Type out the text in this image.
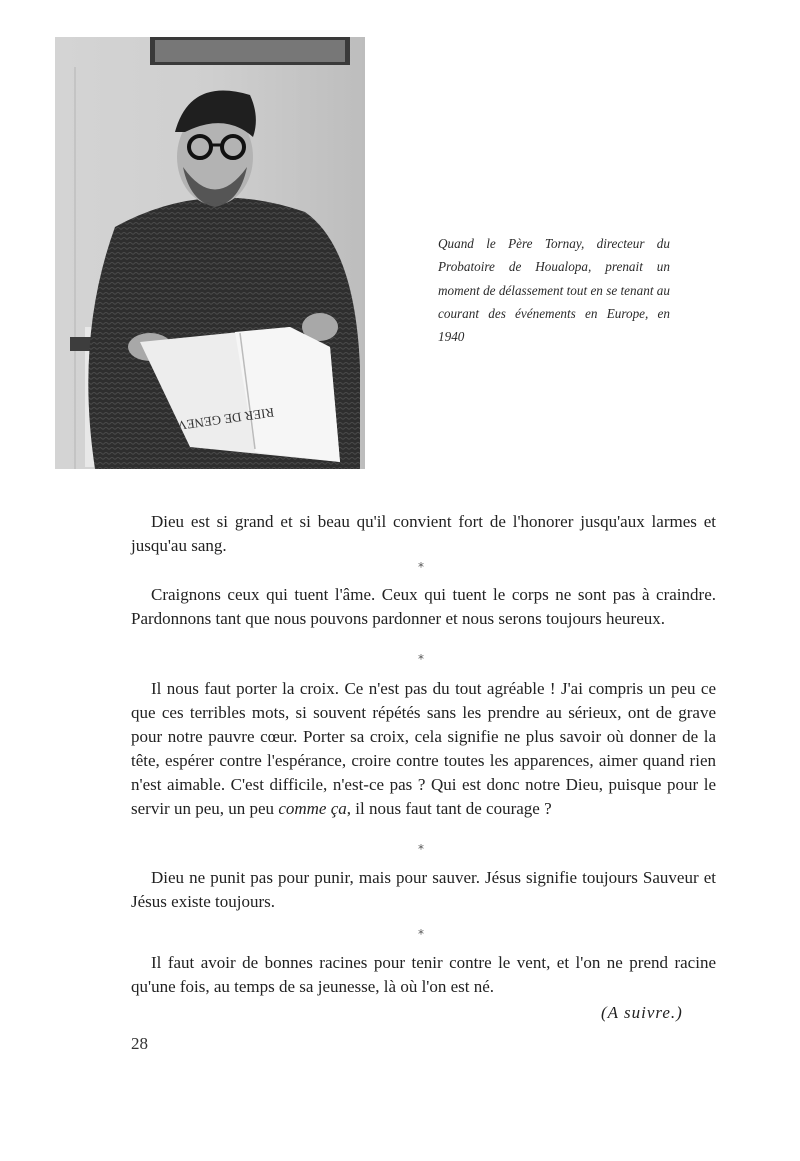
RIER DE GENEVE
Quand le Père Tornay, directeur du Probatoire de Houalopa, prenait un moment de délassement tout en se tenant au courant des événements en Europe, en 1940

Dieu est si grand et si beau qu'il convient fort de l'honorer jusqu'aux larmes et jusqu'au sang.

*

Craignons ceux qui tuent l'âme. Ceux qui tuent le corps ne sont pas à craindre. Pardonnons tant que nous pouvons pardonner et nous serons toujours heureux.

*

Il nous faut porter la croix. Ce n'est pas du tout agréable ! J'ai compris un peu ce que ces terribles mots, si souvent répétés sans les prendre au sérieux, ont de grave pour notre pauvre cœur. Porter sa croix, cela signifie ne plus savoir où donner de la tête, espérer contre l'espérance, croire contre toutes les apparences, aimer quand rien n'est aimable. C'est difficile, n'est-ce pas ? Qui est donc notre Dieu, puisque pour le servir un peu, un peu comme ça, il nous faut tant de courage ?

*

Dieu ne punit pas pour punir, mais pour sauver. Jésus signifie toujours Sauveur et Jésus existe toujours.

*

Il faut avoir de bonnes racines pour tenir contre le vent, et l'on ne prend racine qu'une fois, au temps de sa jeunesse, là où l'on est né.

(A suivre.)
28
